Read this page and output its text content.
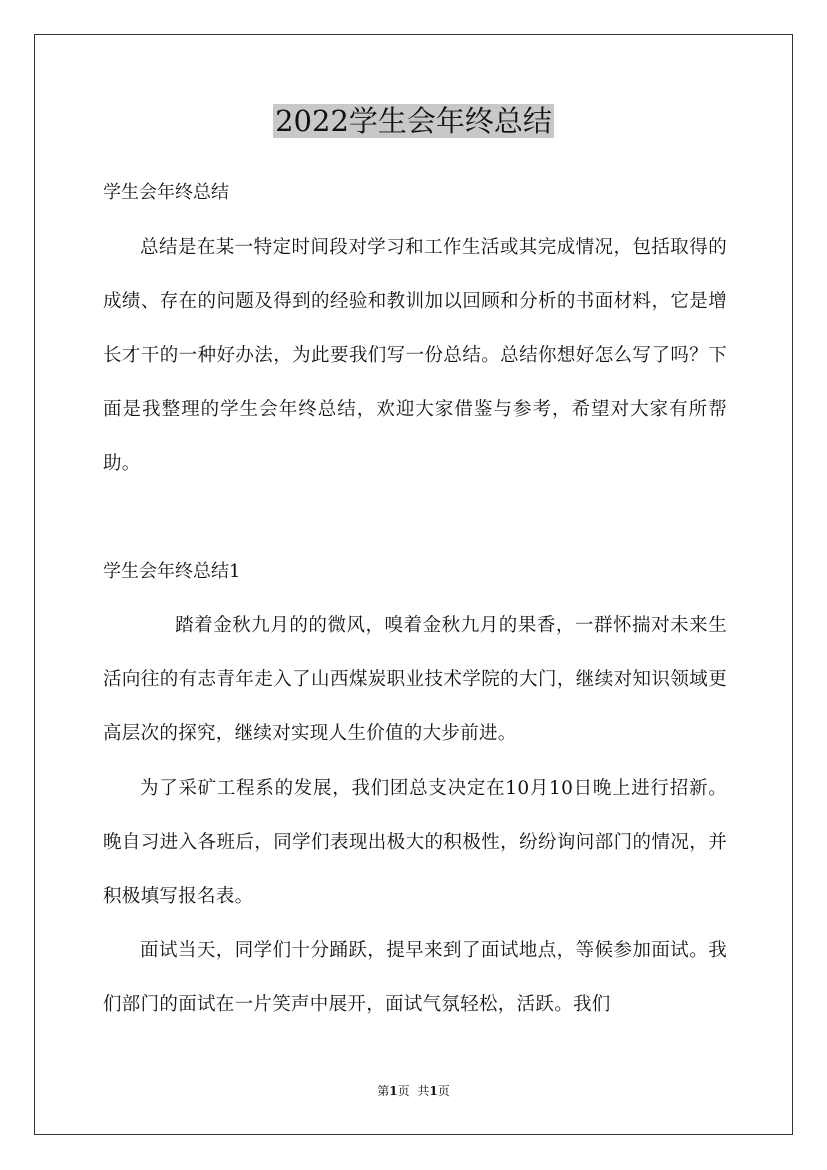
2022学生会年终总结

学生会年终总结

总结是在某一特定时间段对学习和工作生活或其完成情况，包括取得的成绩、存在的问题及得到的经验和教训加以回顾和分析的书面材料，它是增长才干的一种好办法，为此要我们写一份总结。总结你想好怎么写了吗？下面是我整理的学生会年终总结，欢迎大家借鉴与参考，希望对大家有所帮助。

学生会年终总结1

踏着金秋九月的的微风，嗅着金秋九月的果香，一群怀揣对未来生活向往的有志青年走入了山西煤炭职业技术学院的大门，继续对知识领域更高层次的探究，继续对实现人生价值的大步前进。

为了采矿工程系的发展，我们团总支决定在10月10日晚上进行招新。晚自习进入各班后，同学们表现出极大的积极性，纷纷询问部门的情况，并积极填写报名表。

面试当天，同学们十分踊跃，提早来到了面试地点，等候参加面试。我们部门的面试在一片笑声中展开，面试气氛轻松，活跃。我们

第1页 共1页
